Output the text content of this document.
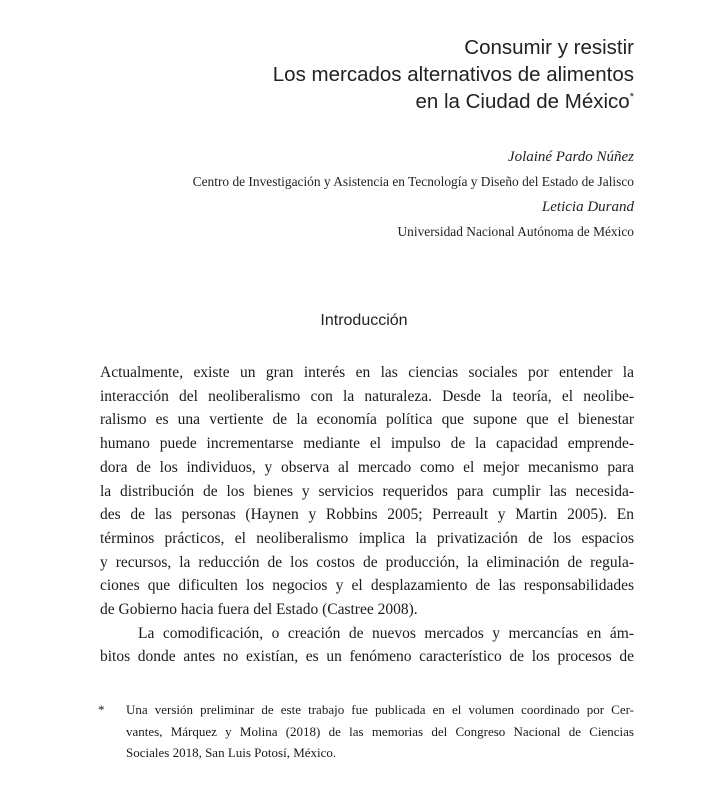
Consumir y resistir
Los mercados alternativos de alimentos
en la Ciudad de México*
Jolainé Pardo Núñez
Centro de Investigación y Asistencia en Tecnología y Diseño del Estado de Jalisco
Leticia Durand
Universidad Nacional Autónoma de México
Introducción
Actualmente, existe un gran interés en las ciencias sociales por entender la
interacción del neoliberalismo con la naturaleza. Desde la teoría, el neolibe-
ralismo es una vertiente de la economía política que supone que el bienestar
humano puede incrementarse mediante el impulso de la capacidad emprende-
dora de los individuos, y observa al mercado como el mejor mecanismo para
la distribución de los bienes y servicios requeridos para cumplir las necesida-
des de las personas (Haynen y Robbins 2005; Perreault y Martin 2005). En
términos prácticos, el neoliberalismo implica la privatización de los espacios
y recursos, la reducción de los costos de producción, la eliminación de regula-
ciones que dificulten los negocios y el desplazamiento de las responsabilidades
de Gobierno hacia fuera del Estado (Castree 2008).
La comodificación, o creación de nuevos mercados y mercancías en ám-
bitos donde antes no existían, es un fenómeno característico de los procesos de
* Una versión preliminar de este trabajo fue publicada en el volumen coordinado por Cer-
vantes, Márquez y Molina (2018) de las memorias del Congreso Nacional de Ciencias
Sociales 2018, San Luis Potosí, México.
